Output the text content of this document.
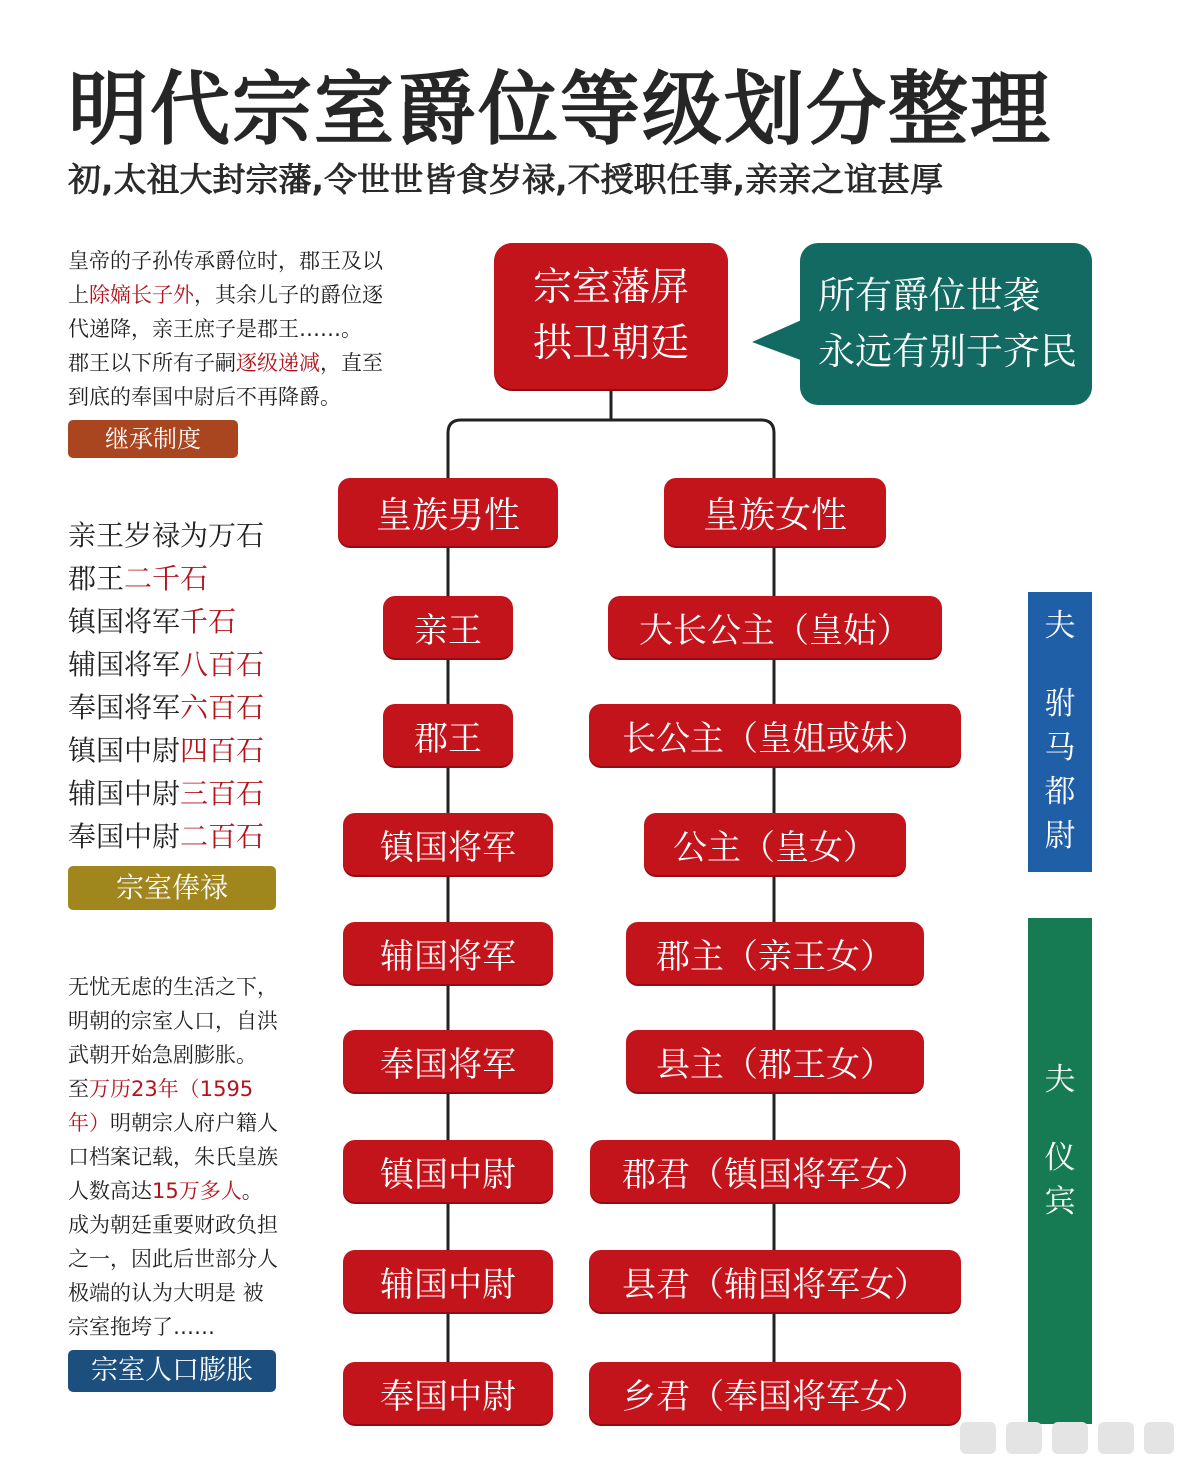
明代宗室爵位等级划分整理
初,太祖大封宗藩,令世世皆食岁禄,不授职任事,亲亲之谊甚厚
皇帝的子孙传承爵位时，郡王及以
上除嫡长子外，其余儿子的爵位逐
代递降，亲王庶子是郡王……。
郡王以下所有子嗣逐级递减，直至
到底的奉国中尉后不再降爵。
继承制度
亲王岁禄为万石
郡王二千石
镇国将军千石
辅国将军八百石
奉国将军六百石
镇国中尉四百石
辅国中尉三百石
奉国中尉二百石
宗室俸禄
无忧无虑的生活之下，
明朝的宗室人口，自洪
武朝开始急剧膨胀。
至万历23年（1595
年）明朝宗人府户籍人
口档案记载，朱氏皇族
人数高达15万多人。
成为朝廷重要财政负担
之一，因此后世部分人
极端的认为大明是 被
宗室拖垮了……
宗室人口膨胀
宗室藩屏
拱卫朝廷
所有爵位世袭
永远有别于齐民
皇族男性	皇族女性
亲王
郡王
镇国将军
辅国将军
奉国将军
镇国中尉
辅国中尉
奉国中尉
大长公主（皇姑）
长公主（皇姐或妹）
公主（皇女）
郡主（亲王女）
县主（郡王女）
郡君（镇国将军女）
县君（辅国将军女）
乡君（奉国将军女）
夫
驸
马
都
尉
夫
仪
宾
